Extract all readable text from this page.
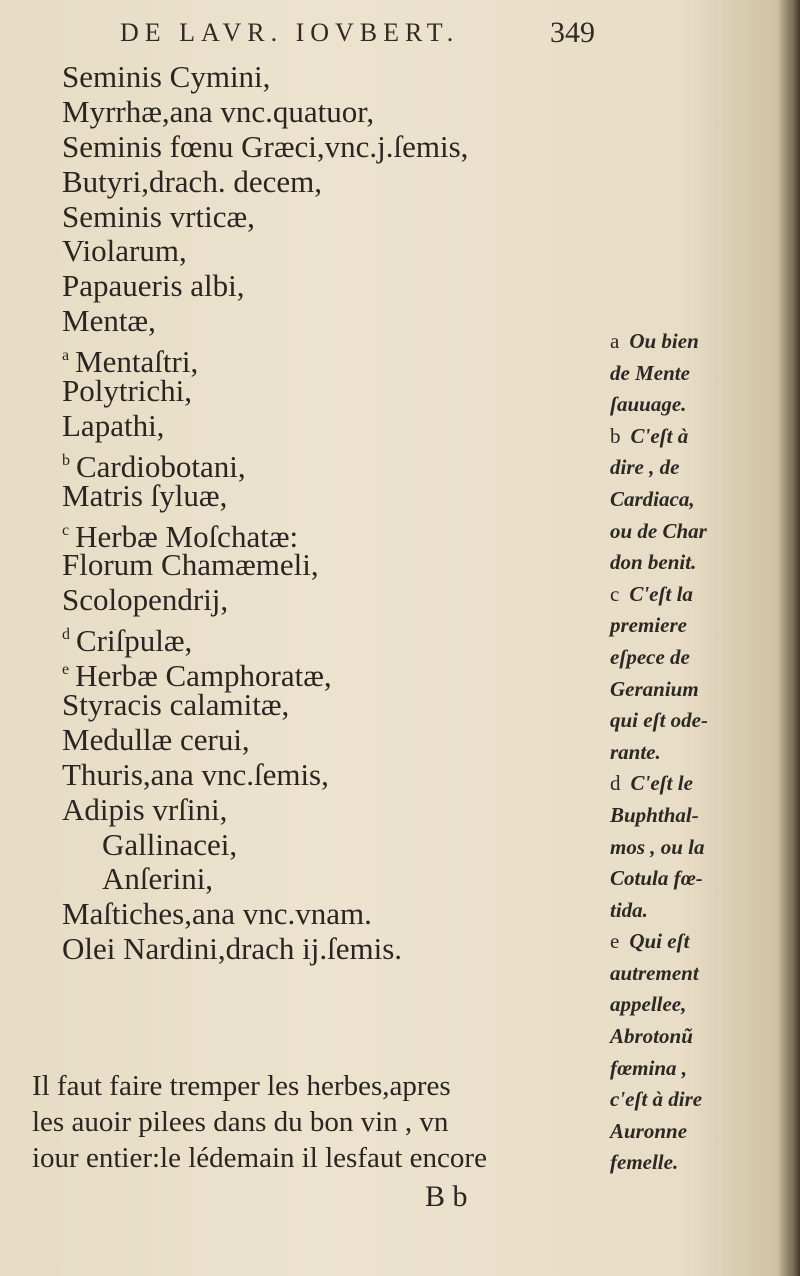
DE LAVR. IOVBERT.	349
Seminis Cymini,
Myrrhæ,ana vnc.quatuor,
Seminis fœnu Græci,vnc.j.ſemis,
Butyri,drach. decem,
Seminis vrticæ,
Violarum,
Papaueris albi,
Mentæ,
$^a$ Mentaſtri,
Polytrichi,
Lapathi,
$^b$ Cardiobotani,
Matris ſyluæ,
$^c$ Herbæ Moſchatæ:
Florum Chamæmeli,
Scolopendrij,
$^d$ Criſpulæ,
$^e$ Herbæ Camphoratæ,
Styracis calamitæ,
Medullæ cerui,
Thuris,ana vnc.ſemis,
Adipis vrſini,
Gallinacei,
Anſerini,
Maſtiches,ana vnc.vnam.
Olei Nardini,drach ij.ſemis.
Il faut faire tremper les herbes,apres
les auoir pilees dans du bon vin , vn
iour entier:le lédemain il lesfaut encore
B b
a Ou bien
de Mente
ſauuage.
b C'eſt à
dire , de
Cardiaca,
ou de Char
don benit.
c C'eſt la
premiere
eſpece de
Geranium
qui eſt ode-
rante.
d C'eſt le
Buphthal-
mos , ou la
Cotula fœ-
tida.
e Qui eſt
autrement
appellee,
Abrotonũ
fœmina ,
c'eſt à dire
Auronne
femelle.
